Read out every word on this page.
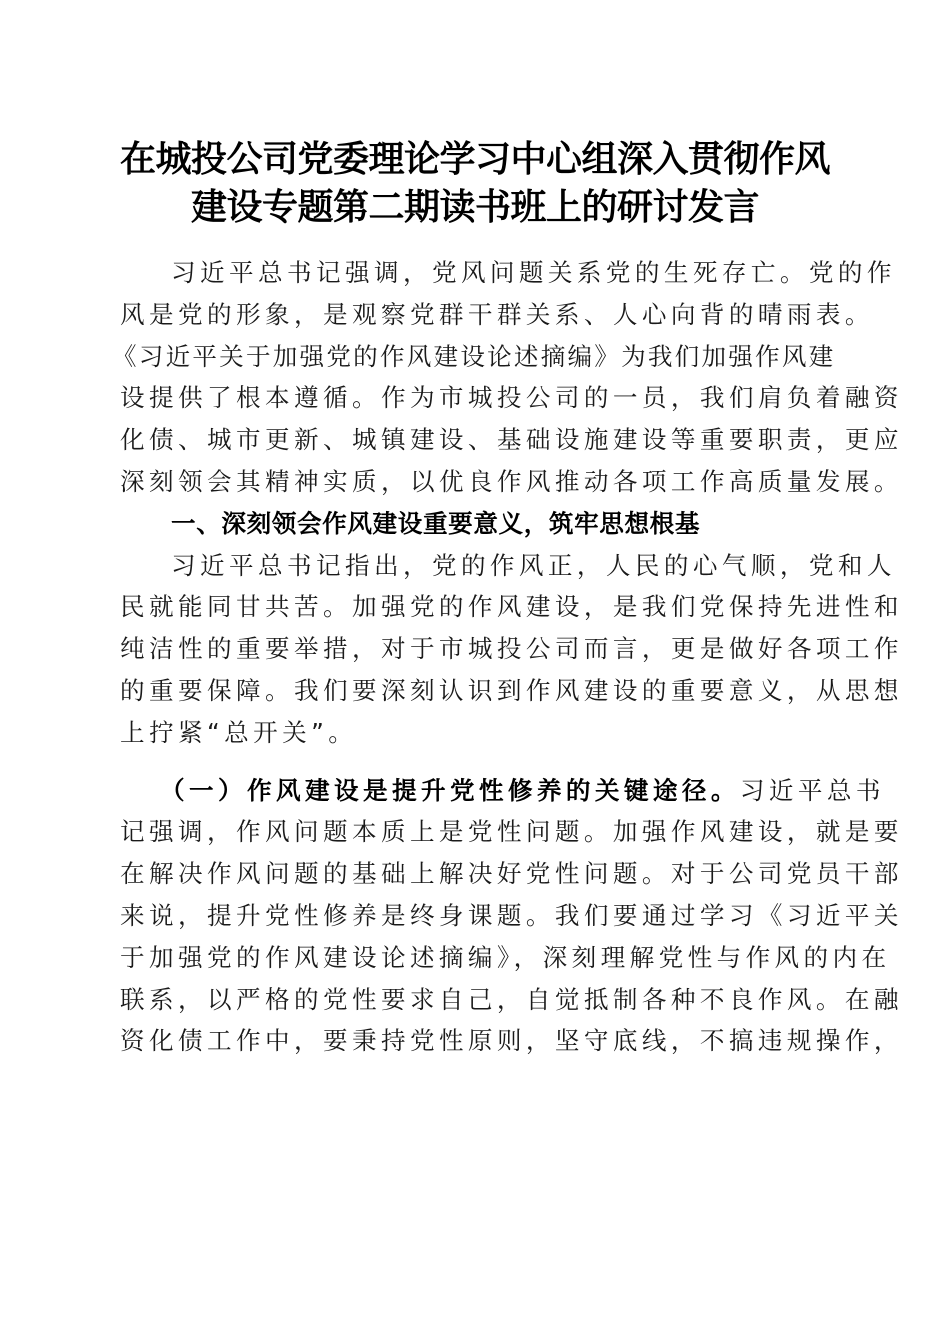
在城投公司党委理论学习中心组深入贯彻作风
建设专题第二期读书班上的研讨发言
习近平总书记强调，党风问题关系党的生死存亡。党的作
风是党的形象，是观察党群干群关系、人心向背的晴雨表。
《习近平关于加强党的作风建设论述摘编》为我们加强作风建
设提供了根本遵循。作为市城投公司的一员，我们肩负着融资
化债、城市更新、城镇建设、基础设施建设等重要职责，更应
深刻领会其精神实质，以优良作风推动各项工作高质量发展。
一、深刻领会作风建设重要意义，筑牢思想根基
习近平总书记指出，党的作风正，人民的心气顺，党和人
民就能同甘共苦。加强党的作风建设，是我们党保持先进性和
纯洁性的重要举措，对于市城投公司而言，更是做好各项工作
的重要保障。我们要深刻认识到作风建设的重要意义，从思想
上拧紧“总开关”。
（一）作风建设是提升党性修养的关键途径。习近平总书
记强调，作风问题本质上是党性问题。加强作风建设，就是要
在解决作风问题的基础上解决好党性问题。对于公司党员干部
来说，提升党性修养是终身课题。我们要通过学习《习近平关
于加强党的作风建设论述摘编》，深刻理解党性与作风的内在
联系，以严格的党性要求自己，自觉抵制各种不良作风。在融
资化债工作中，要秉持党性原则，坚守底线，不搞违规操作，
